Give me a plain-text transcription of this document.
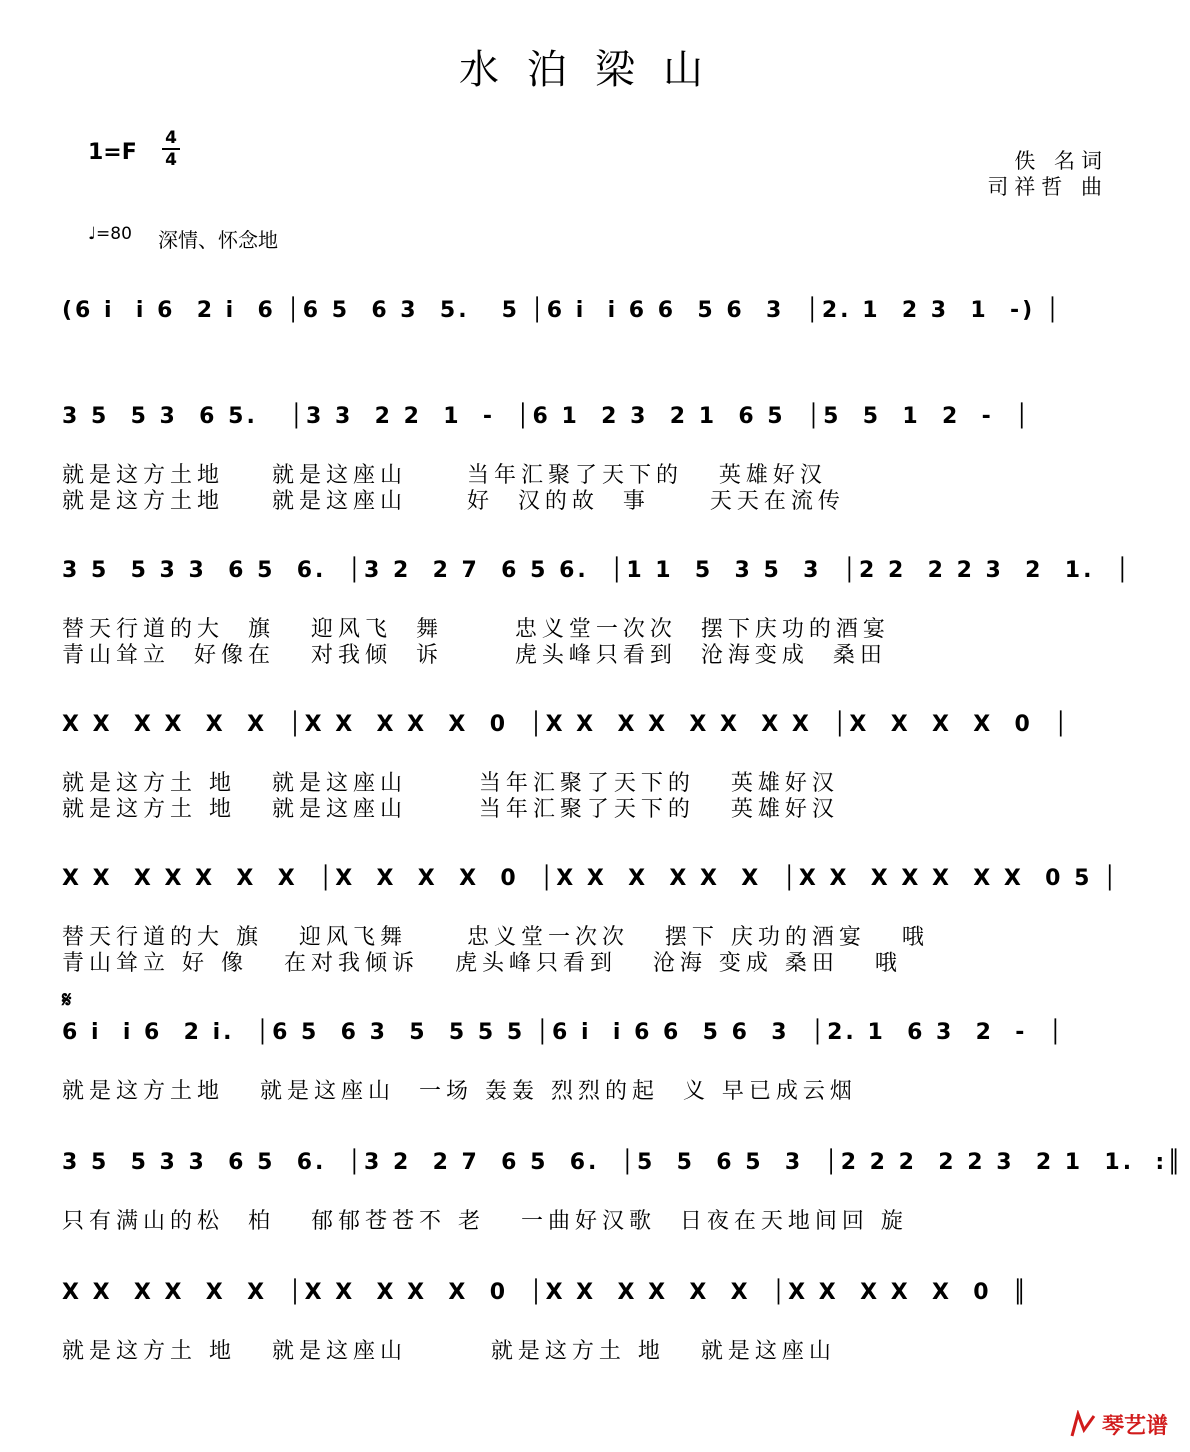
水泊梁山
1=F
4
4	佚 名词
司祥哲 曲
♩=80 深情、怀念地
(6 i  i 6  2 i  6 │6 5  6 3  5.   5 │6 i  i 6 6  5 6  3  │2. 1  2 3  1  -) │
3 5  5 3  6 5.   │3 3  2 2  1  -  │6 1  2 3  2 1  6 5  │5  5  1  2  -  │
就是这方土地    就是这座山     当年汇聚了天下的   英雄好汉
就是这方土地    就是这座山     好  汉的故  事     天天在流传
3 5  5 3 3  6 5  6.  │3 2  2 7  6 5 6.  │1 1  5  3 5  3  │2 2  2 2 3  2  1.  │
替天行道的大  旗   迎风飞  舞      忠义堂一次次  摆下庆功的酒宴
青山耸立  好像在   对我倾  诉      虎头峰只看到  沧海变成  桑田
X X  X X  X  X  │X X  X X  X  0  │X X  X X  X X  X X  │X  X  X  X  0  │
就是这方土 地   就是这座山      当年汇聚了天下的   英雄好汉
就是这方土 地   就是这座山      当年汇聚了天下的   英雄好汉
X X  X X X  X  X  │X  X  X  X  0  │X X  X  X X  X  │X X  X X X  X X  0 5 │
替天行道的大 旗   迎风飞舞     忠义堂一次次   摆下 庆功的酒宴   哦
青山耸立 好 像   在对我倾诉   虎头峰只看到   沧海 变成 桑田   哦
6 i  i 6  2 i.  │6 5  6 3  5  5 5 5 │6 i  i 6 6  5 6  3  │2. 1  6 3  2  -  │
就是这方土地   就是这座山  一场 轰轰 烈烈的起  义 早已成云烟
3 5  5 3 3  6 5  6.  │3 2  2 7  6 5  6.  │5  5  6 5  3  │2 2 2  2 2 3  2 1  1.  :║
只有满山的松  柏   郁郁苍苍不 老   一曲好汉歌  日夜在天地间回 旋
X X  X X  X  X  │X X  X X  X  0  │X X  X X  X  X  │X X  X X  X  0  ║
就是这方土 地   就是这座山       就是这方土 地   就是这座山
𝄋
琴艺谱
